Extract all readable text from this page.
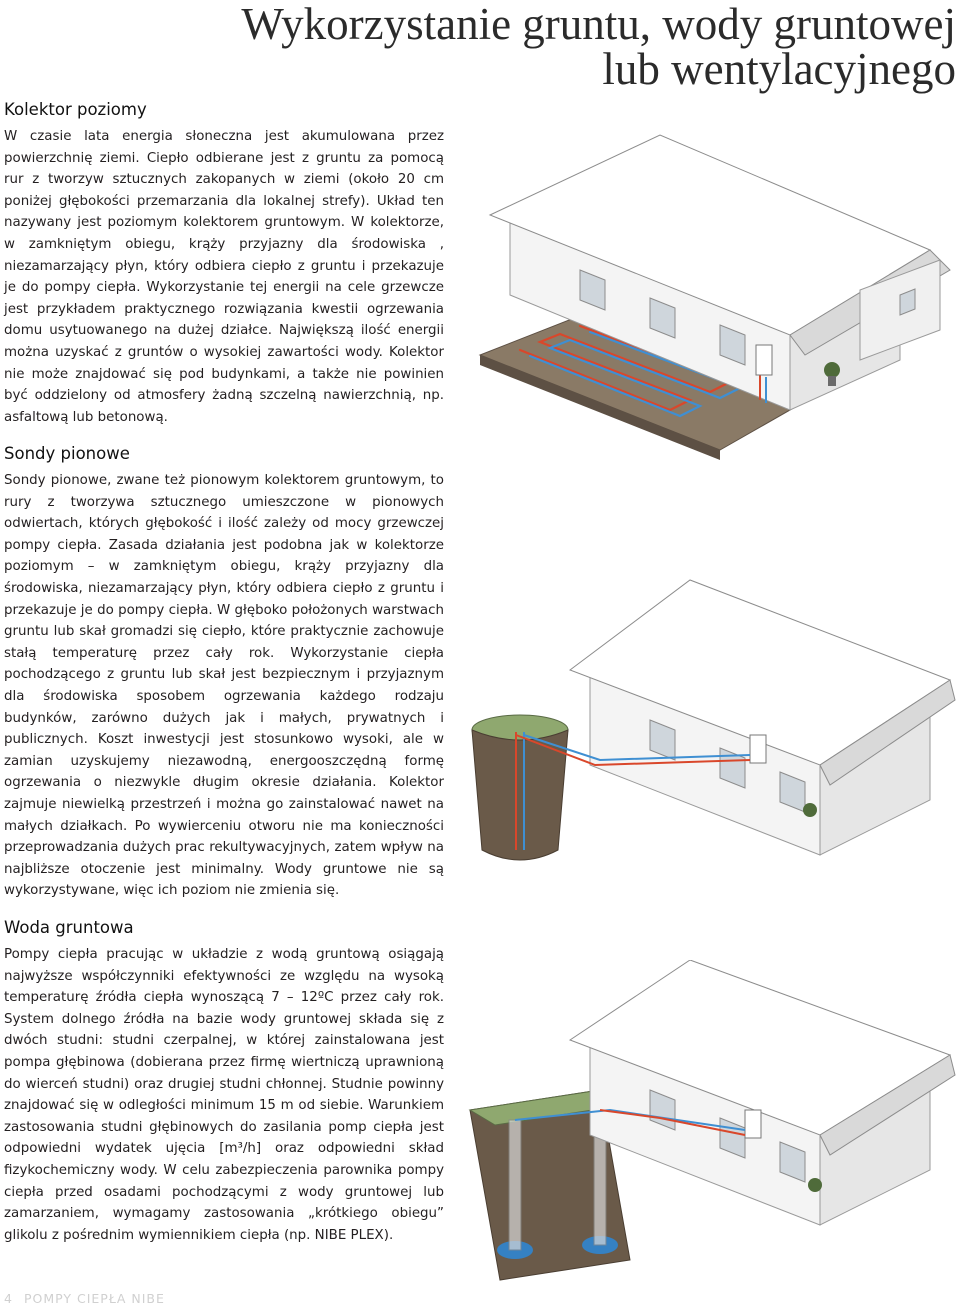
Wykorzystanie gruntu, wody gruntowej
lub wentylacyjnego
Kolektor poziomy

W czasie lata energia słoneczna jest akumulowana przez powierzchnię ziemi. Ciepło odbierane jest z gruntu za pomocą rur z tworzyw sztucznych zakopanych w ziemi (około 20 cm poniżej głębokości przemarzania dla lokalnej strefy). Układ ten nazywany jest poziomym kolektorem gruntowym. W kolektorze, w zamkniętym obiegu, krąży przyjazny dla środowiska , niezamarzający płyn, który odbiera ciepło z gruntu i przekazuje je do pompy ciepła. Wykorzystanie tej energii na cele grzewcze jest przykładem praktycznego rozwiązania kwestii ogrzewania domu usytuowanego na dużej działce. Największą ilość energii można uzyskać z gruntów o wysokiej zawartości wody. Kolektor nie może znajdować się pod budynkami, a także nie powinien być oddzielony od atmosfery żadną szczelną nawierzchnią, np. asfaltową lub betonową.

Sondy pionowe

Sondy pionowe, zwane też pionowym kolektorem gruntowym, to rury z tworzywa sztucznego umieszczone w pionowych odwiertach, których głębokość i ilość zależy od mocy grzewczej pompy ciepła. Zasada działania jest podobna jak w kolektorze poziomym – w zamkniętym obiegu, krąży przyjazny dla środowiska, niezamarzający płyn, który odbiera ciepło z gruntu i przekazuje je do pompy ciepła. W głęboko położonych warstwach gruntu lub skał gromadzi się ciepło, które praktycznie zachowuje stałą temperaturę przez cały rok. Wykorzystanie ciepła pochodzącego z gruntu lub skał jest bezpiecznym i przyjaznym dla środowiska sposobem ogrzewania każdego rodzaju budynków, zarówno dużych jak i małych, prywatnych i publicznych. Koszt inwestycji jest stosunkowo wysoki, ale w zamian uzyskujemy niezawodną, energooszczędną formę ogrzewania o niezwykle długim okresie działania. Kolektor zajmuje niewielką przestrzeń i można go zainstalować nawet na małych działkach. Po wywierceniu otworu nie ma konieczności przeprowadzania dużych prac rekultywacyjnych, zatem wpływ na najbliższe otoczenie jest minimalny. Wody gruntowe nie są wykorzystywane, więc ich poziom nie zmienia się.

Woda gruntowa

Pompy ciepła pracując w układzie z wodą gruntową osiągają najwyższe współczynniki efektywności ze względu na wysoką temperaturę źródła ciepła wynoszącą 7 – 12ºC przez cały rok. System dolnego źródła na bazie wody gruntowej składa się z dwóch studni: studni czerpalnej, w której zainstalowana jest pompa głębinowa (dobierana przez firmę wiertniczą uprawnioną do wierceń studni) oraz drugiej studni chłonnej. Studnie powinny znajdować się w odległości minimum 15 m od siebie. Warunkiem zastosowania studni głębinowych do zasilania pomp ciepła jest odpowiedni wydatek ujęcia [m³/h] oraz odpowiedni skład fizykochemiczny wody. W celu zabezpieczenia parownika pompy ciepła przed osadami pochodzącymi z wody gruntowej lub zamarzaniem, wymagamy zastosowania „krótkiego obiegu” glikolu z pośrednim wymiennikiem ciepła (np. NIBE PLEX).

4 POMPY CIEPŁA NIBE
